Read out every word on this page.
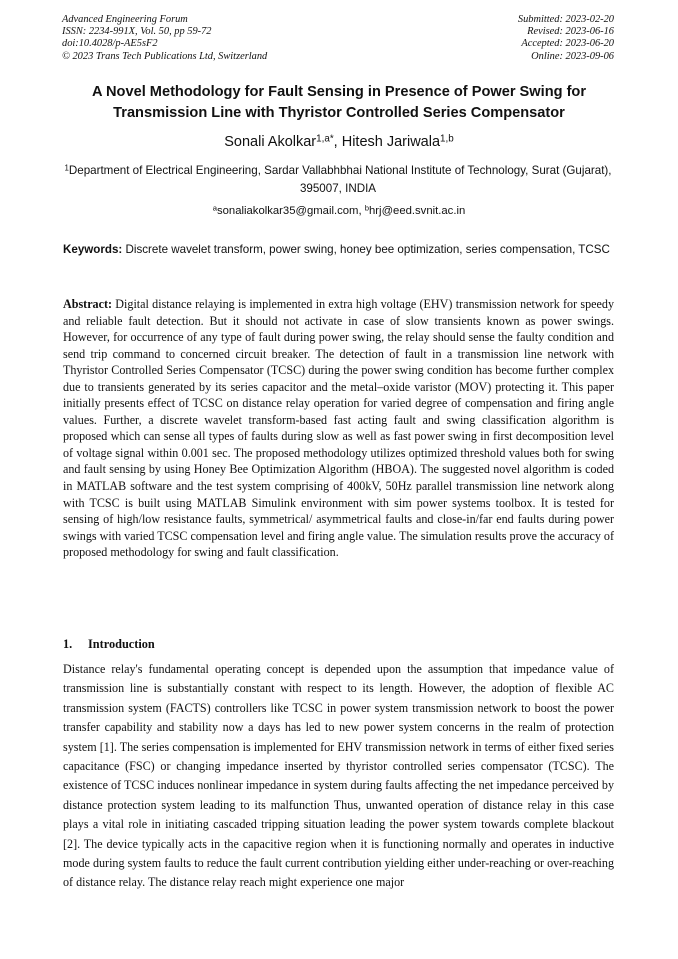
Advanced Engineering Forum
ISSN: 2234-991X, Vol. 50, pp 59-72
doi:10.4028/p-AE5sF2
© 2023 Trans Tech Publications Ltd, Switzerland
Submitted: 2023-02-20
Revised: 2023-06-16
Accepted: 2023-06-20
Online: 2023-09-06
A Novel Methodology for Fault Sensing in Presence of Power Swing for Transmission Line with Thyristor Controlled Series Compensator
Sonali Akolkar$^{1,a*}$, Hitesh Jariwala$^{1,b}$
$^1$Department of Electrical Engineering, Sardar Vallabhbhai National Institute of Technology, Surat (Gujarat), 395007, INDIA
$^a$sonaliakolkar35@gmail.com, $^b$hrj@eed.svnit.ac.in
Keywords: Discrete wavelet transform, power swing, honey bee optimization, series compensation, TCSC
Abstract: Digital distance relaying is implemented in extra high voltage (EHV) transmission network for speedy and reliable fault detection. But it should not activate in case of slow transients known as power swings. However, for occurrence of any type of fault during power swing, the relay should sense the faulty condition and send trip command to concerned circuit breaker. The detection of fault in a transmission line network with Thyristor Controlled Series Compensator (TCSC) during the power swing condition has become further complex due to transients generated by its series capacitor and the metal–oxide varistor (MOV) protecting it. This paper initially presents effect of TCSC on distance relay operation for varied degree of compensation and firing angle values. Further, a discrete wavelet transform-based fast acting fault and swing classification algorithm is proposed which can sense all types of faults during slow as well as fast power swing in first decomposition level of voltage signal within 0.001 sec. The proposed methodology utilizes optimized threshold values both for swing and fault sensing by using Honey Bee Optimization Algorithm (HBOA). The suggested novel algorithm is coded in MATLAB software and the test system comprising of 400kV, 50Hz parallel transmission line network along with TCSC is built using MATLAB Simulink environment with sim power systems toolbox. It is tested for sensing of high/low resistance faults, symmetrical/ asymmetrical faults and close-in/far end faults during power swings with varied TCSC compensation level and firing angle value. The simulation results prove the accuracy of proposed methodology for swing and fault classification.
1. Introduction
Distance relay's fundamental operating concept is depended upon the assumption that impedance value of transmission line is substantially constant with respect to its length. However, the adoption of flexible AC transmission system (FACTS) controllers like TCSC in power system transmission network to boost the power transfer capability and stability now a days has led to new power system concerns in the realm of protection system [1]. The series compensation is implemented for EHV transmission network in terms of either fixed series capacitance (FSC) or changing impedance inserted by thyristor controlled series compensator (TCSC). The existence of TCSC induces nonlinear impedance in system during faults affecting the net impedance perceived by distance protection system leading to its malfunction Thus, unwanted operation of distance relay in this case plays a vital role in initiating cascaded tripping situation leading the power system towards complete blackout [2]. The device typically acts in the capacitive region when it is functioning normally and operates in inductive mode during system faults to reduce the fault current contribution yielding either under-reaching or over-reaching of distance relay. The distance relay reach might experience one major
